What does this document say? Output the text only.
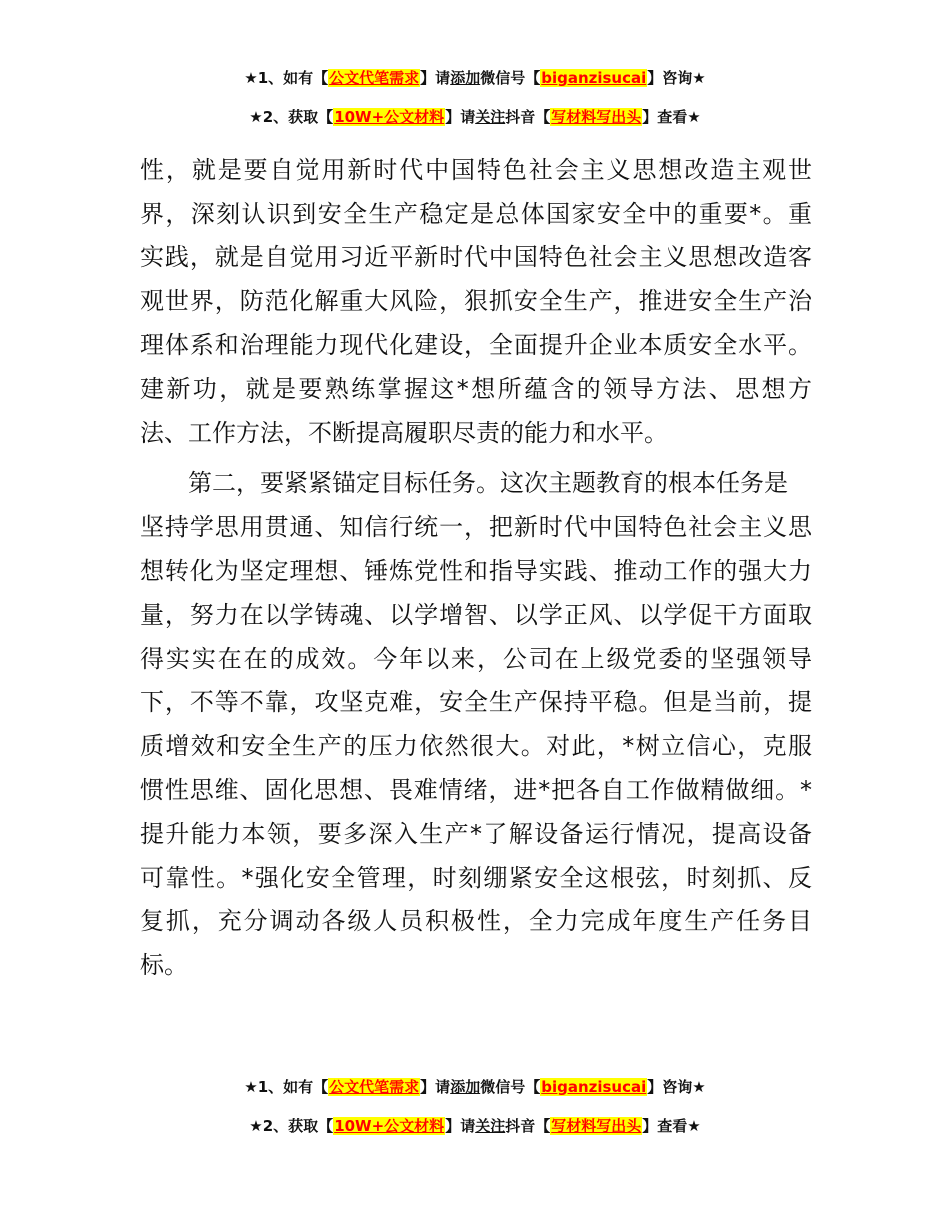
★1、如有【公文代笔需求】请添加微信号【biganzisucai】咨询★
★2、获取【10W+公文材料】请关注抖音【写材料写出头】查看★
性，就是要自觉用新时代中国特色社会主义思想改造主观世
界，深刻认识到安全生产稳定是总体国家安全中的重要*。重
实践，就是自觉用习近平新时代中国特色社会主义思想改造客
观世界，防范化解重大风险，狠抓安全生产，推进安全生产治
理体系和治理能力现代化建设，全面提升企业本质安全水平。
建新功，就是要熟练掌握这*想所蕴含的领导方法、思想方
法、工作方法，不断提高履职尽责的能力和水平。
第二，要紧紧锚定目标任务。这次主题教育的根本任务是
坚持学思用贯通、知信行统一，把新时代中国特色社会主义思
想转化为坚定理想、锤炼党性和指导实践、推动工作的强大力
量，努力在以学铸魂、以学增智、以学正风、以学促干方面取
得实实在在的成效。今年以来，公司在上级党委的坚强领导
下，不等不靠，攻坚克难，安全生产保持平稳。但是当前，提
质增效和安全生产的压力依然很大。对此，*树立信心，克服
惯性思维、固化思想、畏难情绪，进*把各自工作做精做细。*
提升能力本领，要多深入生产*了解设备运行情况，提高设备
可靠性。*强化安全管理，时刻绷紧安全这根弦，时刻抓、反
复抓，充分调动各级人员积极性，全力完成年度生产任务目
标。
★1、如有【公文代笔需求】请添加微信号【biganzisucai】咨询★
★2、获取【10W+公文材料】请关注抖音【写材料写出头】查看★
